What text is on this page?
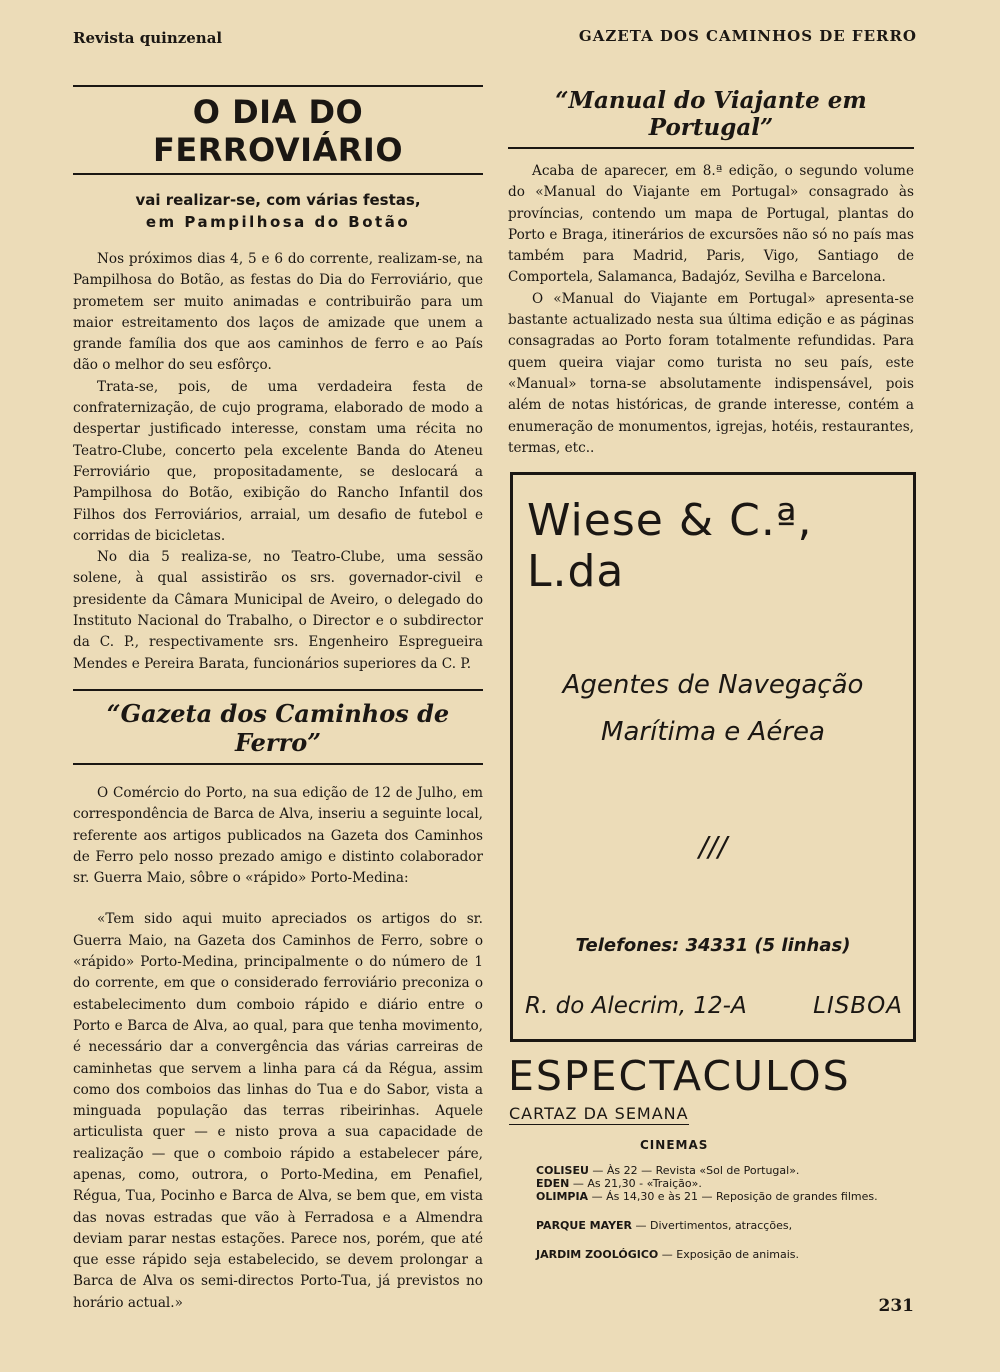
Revista quinzenal	GAZETA DOS CAMINHOS DE FERRO
O DIA DO FERROVIÁRIO
vai realizar-se, com várias festas,
em Pampilhosa do Botão

Nos próximos dias 4, 5 e 6 do corrente, realizam-se, na Pampilhosa do Botão, as festas do Dia do Ferroviário, que prometem ser muito animadas e contribuirão para um maior estreitamento dos laços de amizade que unem a grande família dos que aos caminhos de ferro e ao País dão o melhor do seu esfôrço.

Trata-se, pois, de uma verdadeira festa de confraternização, de cujo programa, elaborado de modo a despertar justificado interesse, constam uma récita no Teatro-Clube, concerto pela excelente Banda do Ateneu Ferroviário que, propositadamente, se deslocará a Pampilhosa do Botão, exibição do Rancho Infantil dos Filhos dos Ferroviários, arraial, um desafio de futebol e corridas de bicicletas.

No dia 5 realiza-se, no Teatro-Clube, uma sessão solene, à qual assistirão os srs. governador-civil e presidente da Câmara Municipal de Aveiro, o delegado do Instituto Nacional do Trabalho, o Director e o subdirector da C. P., respectivamente srs. Engenheiro Espregueira Mendes e Pereira Barata, funcionários superiores da C. P.

“Gazeta dos Caminhos de Ferro”

O Comércio do Porto, na sua edição de 12 de Julho, em correspondência de Barca de Alva, inseriu a seguinte local, referente aos artigos publicados na Gazeta dos Caminhos de Ferro pelo nosso prezado amigo e distinto colaborador sr. Guerra Maio, sôbre o «rápido» Porto-Medina:

«Tem sido aqui muito apreciados os artigos do sr. Guerra Maio, na Gazeta dos Caminhos de Ferro, sobre o «rápido» Porto-Medina, principalmente o do número de 1 do corrente, em que o considerado ferroviário preconiza o estabelecimento dum comboio rápido e diário entre o Porto e Barca de Alva, ao qual, para que tenha movimento, é necessário dar a convergência das várias carreiras de caminhetas que servem a linha para cá da Régua, assim como dos comboios das linhas do Tua e do Sabor, vista a minguada população das terras ribeirinhas. Aquele articulista quer — e nisto prova a sua capacidade de realização — que o comboio rápido a estabelecer páre, apenas, como, outrora, o Porto-Medina, em Penafiel, Régua, Tua, Pocinho e Barca de Alva, se bem que, em vista das novas estradas que vão à Ferradosa e a Almendra deviam parar nestas estações. Parece nos, porém, que até que esse rápido seja estabelecido, se devem prolongar a Barca de Alva os semi-directos Porto-Tua, já previstos no horário actual.»

“Manual do Viajante em Portugal”

Acaba de aparecer, em 8.ª edição, o segundo volume do «Manual do Viajante em Portugal» consagrado às províncias, contendo um mapa de Portugal, plantas do Porto e Braga, itinerários de excursões não só no país mas também para Madrid, Paris, Vigo, Santiago de Comportela, Salamanca, Badajóz, Sevilha e Barcelona.

O «Manual do Viajante em Portugal» apresenta-se bastante actualizado nesta sua última edição e as páginas consagradas ao Porto foram totalmente refundidas. Para quem queira viajar como turista no seu país, este «Manual» torna-se absolutamente indispensável, pois além de notas históricas, de grande interesse, contém a enumeração de monumentos, igrejas, hotéis, restaurantes, termas, etc..

Wiese & C.ª, L.da
Agentes de Navegação
Marítima e Aérea
///
Telefones: 34331 (5 linhas)
R. do Alecrim, 12-A	LISBOA
ESPECTACULOS
CARTAZ DA SEMANA
CINEMAS
COLISEU — Às 22 — Revista «Sol de Portugal».
EDEN — As 21,30 - «Traição».
OLIMPIA — Ás 14,30 e às 21 — Reposição de grandes filmes.
PARQUE MAYER — Divertimentos, atracções,
JARDIM ZOOLÓGICO — Exposição de animais.
231
